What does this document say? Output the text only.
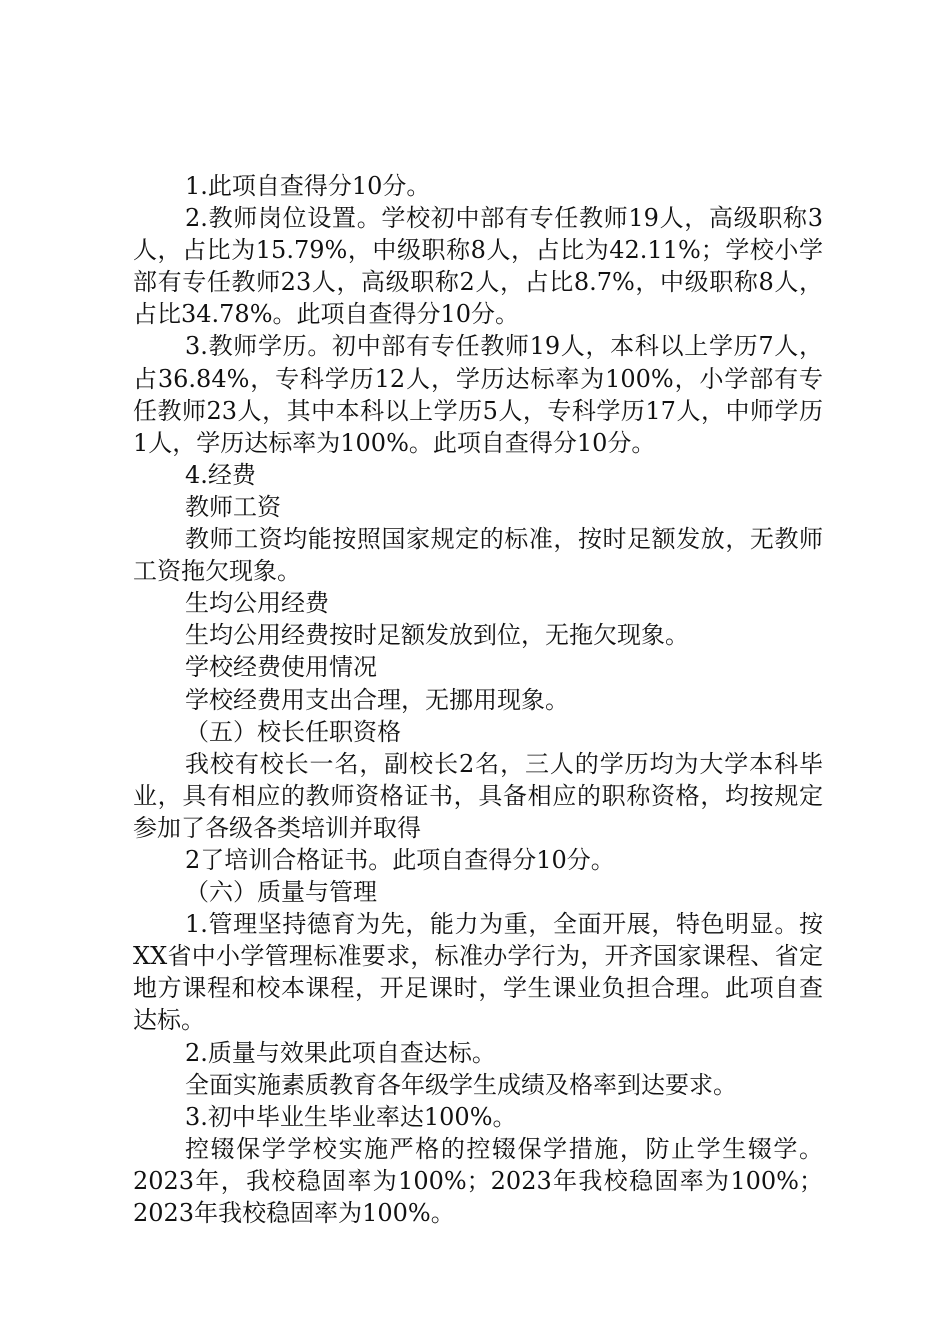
1.此项自查得分10分。

2.教师岗位设置。学校初中部有专任教师19人，高级职称3人，占比为15.79%，中级职称8人，占比为42.11%；学校小学部有专任教师23人，高级职称2人，占比8.7%，中级职称8人，占比34.78%。此项自查得分10分。

3.教师学历。初中部有专任教师19人，本科以上学历7人，占36.84%，专科学历12人，学历达标率为100%，小学部有专任教师23人，其中本科以上学历5人，专科学历17人，中师学历1人，学历达标率为100%。此项自查得分10分。

4.经费

教师工资

教师工资均能按照国家规定的标准，按时足额发放，无教师工资拖欠现象。

生均公用经费

生均公用经费按时足额发放到位，无拖欠现象。

学校经费使用情况

学校经费用支出合理，无挪用现象。

（五）校长任职资格

我校有校长一名，副校长2名，三人的学历均为大学本科毕业，具有相应的教师资格证书，具备相应的职称资格，均按规定参加了各级各类培训并取得

2了培训合格证书。此项自查得分10分。

（六）质量与管理

1.管理坚持德育为先，能力为重，全面开展，特色明显。按XX省中小学管理标准要求，标准办学行为，开齐国家课程、省定地方课程和校本课程，开足课时，学生课业负担合理。此项自查达标。

2.质量与效果此项自查达标。

全面实施素质教育各年级学生成绩及格率到达要求。

3.初中毕业生毕业率达100%。

控辍保学学校实施严格的控辍保学措施，防止学生辍学。2023年，我校稳固率为100%；2023年我校稳固率为100%；2023年我校稳固率为100%。
